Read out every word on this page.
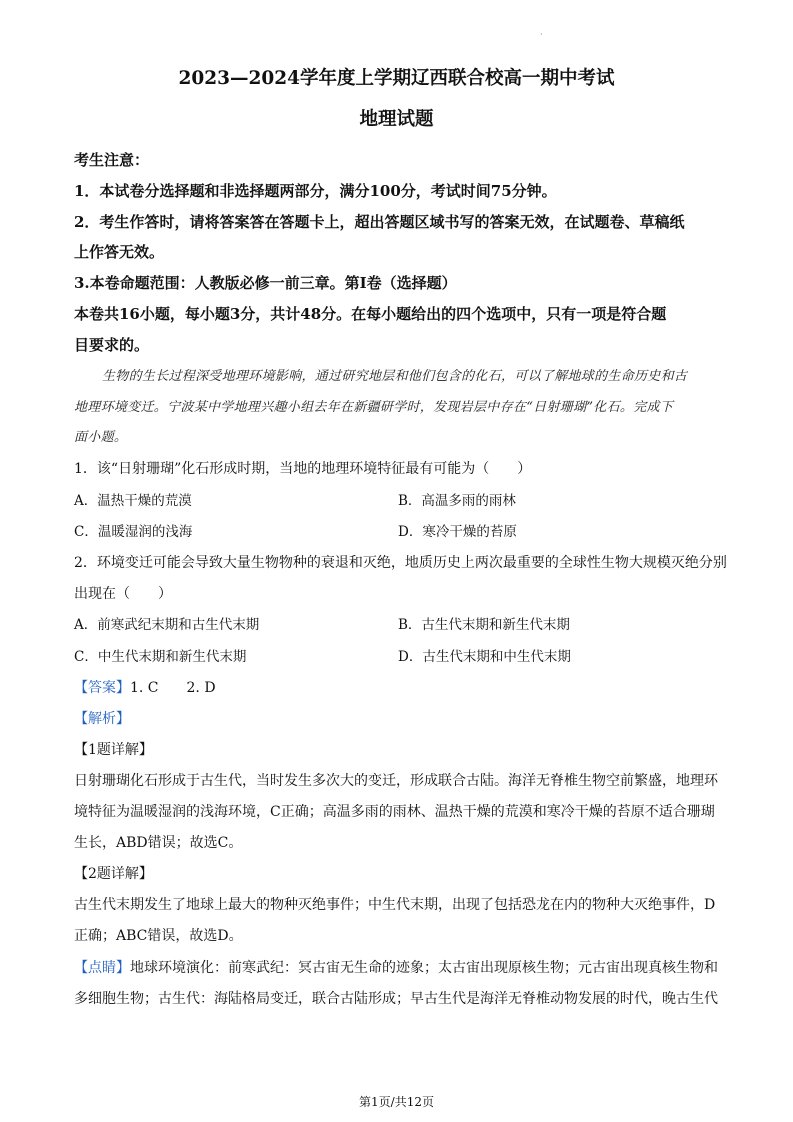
·
2023—2024学年度上学期辽西联合校高一期中考试
地理试题
考生注意：
1．本试卷分选择题和非选择题两部分，满分100分，考试时间75分钟。
2．考生作答时，请将答案答在答题卡上，超出答题区域书写的答案无效，在试题卷、草稿纸
上作答无效。
3.本卷命题范围：人教版必修一前三章。第Ⅰ卷（选择题）
本卷共16小题，每小题3分，共计48分。在每小题给出的四个选项中，只有一项是符合题
目要求的。
生物的生长过程深受地理环境影响，通过研究地层和他们包含的化石，可以了解地球的生命历史和古
地理环境变迁。宁波某中学地理兴趣小组去年在新疆研学时，发现岩层中存在“日射珊瑚”化石。完成下
面小题。
1．该“日射珊瑚”化石形成时期，当地的地理环境特征最有可能为（　　）
A．温热干燥的荒漠	B．高温多雨的雨林
C．温暖湿润的浅海	D．寒冷干燥的苔原
2．环境变迁可能会导致大量生物物种的衰退和灭绝，地质历史上两次最重要的全球性生物大规模灭绝分别
出现在（　　）
A．前寒武纪末期和古生代末期	B．古生代末期和新生代末期
C．中生代末期和新生代末期	D．古生代末期和中生代末期
【答案】1. C　　2. D
【解析】
【1题详解】
日射珊瑚化石形成于古生代，当时发生多次大的变迁，形成联合古陆。海洋无脊椎生物空前繁盛，地理环
境特征为温暖湿润的浅海环境，C正确；高温多雨的雨林、温热干燥的荒漠和寒冷干燥的苔原不适合珊瑚
生长，ABD错误；故选C。
【2题详解】
古生代末期发生了地球上最大的物种灭绝事件；中生代末期，出现了包括恐龙在内的物种大灭绝事件，D
正确；ABC错误，故选D。
【点睛】地球环境演化：前寒武纪：冥古宙无生命的迹象；太古宙出现原核生物；元古宙出现真核生物和
多细胞生物；古生代：海陆格局变迁，联合古陆形成；早古生代是海洋无脊椎动物发展的时代，晚古生代
第1页/共12页
